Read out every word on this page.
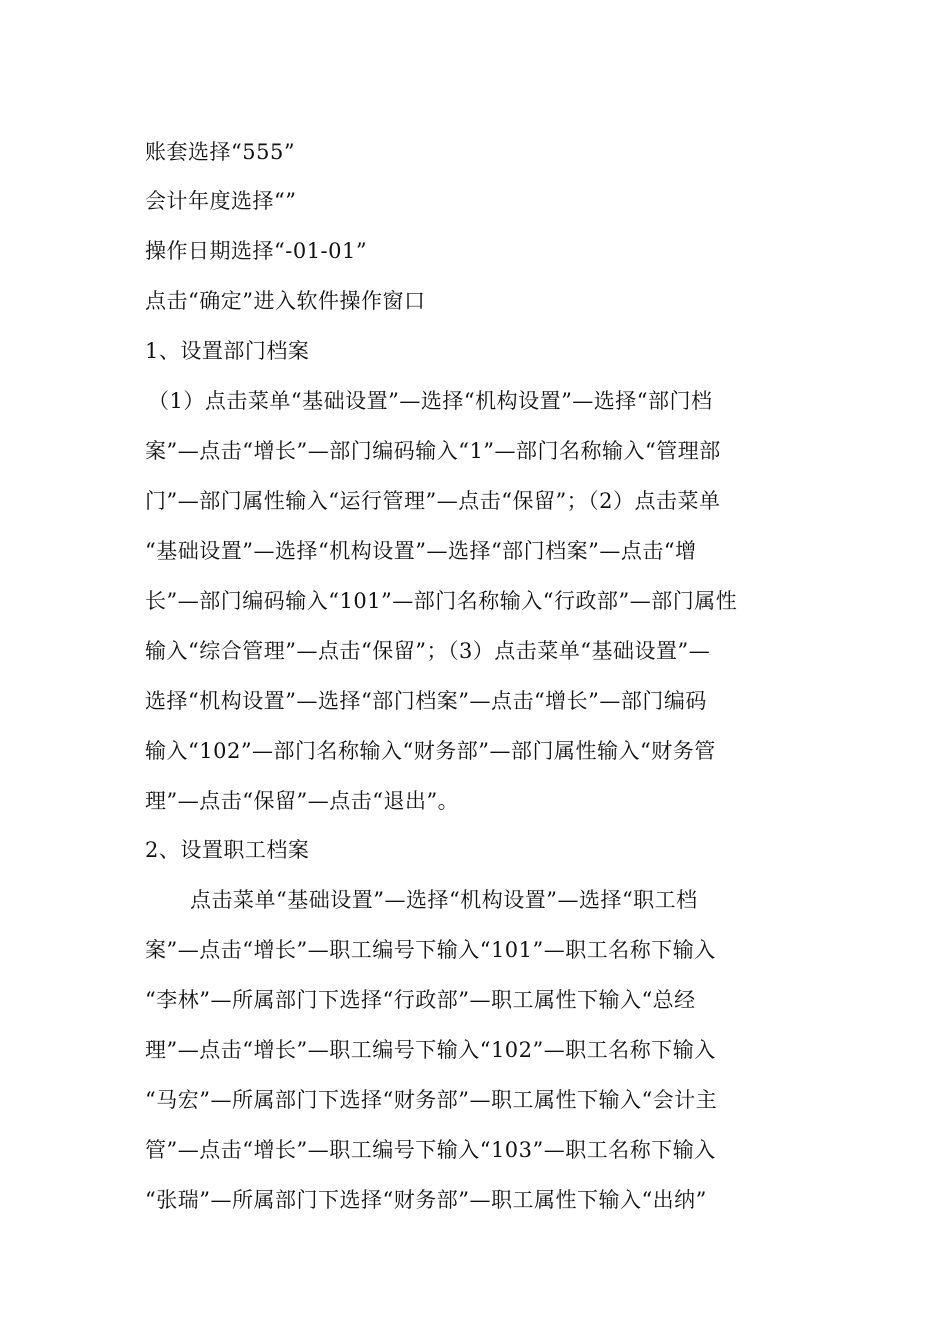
账套选择“555”
会计年度选择“”
操作日期选择“-01-01”
点击“确定”进入软件操作窗口
1、设置部门档案
（1）点击菜单“基础设置”—选择“机构设置”—选择“部门档
案”—点击“增长”—部门编码输入“1”—部门名称输入“管理部
门”—部门属性输入“运行管理”—点击“保留”；（2）点击菜单
“基础设置”—选择“机构设置”—选择“部门档案”—点击“增
长”—部门编码输入“101”—部门名称输入“行政部”—部门属性
输入“综合管理”—点击“保留”；（3）点击菜单“基础设置”—
选择“机构设置”—选择“部门档案”—点击“增长”—部门编码
输入“102”—部门名称输入“财务部”—部门属性输入“财务管
理”—点击“保留”—点击“退出”。
2、设置职工档案
点击菜单“基础设置”—选择“机构设置”—选择“职工档
案”—点击“增长”—职工编号下输入“101”—职工名称下输入
“李林”—所属部门下选择“行政部”—职工属性下输入“总经
理”—点击“增长”—职工编号下输入“102”—职工名称下输入
“马宏”—所属部门下选择“财务部”—职工属性下输入“会计主
管”—点击“增长”—职工编号下输入“103”—职工名称下输入
“张瑞”—所属部门下选择“财务部”—职工属性下输入“出纳”
